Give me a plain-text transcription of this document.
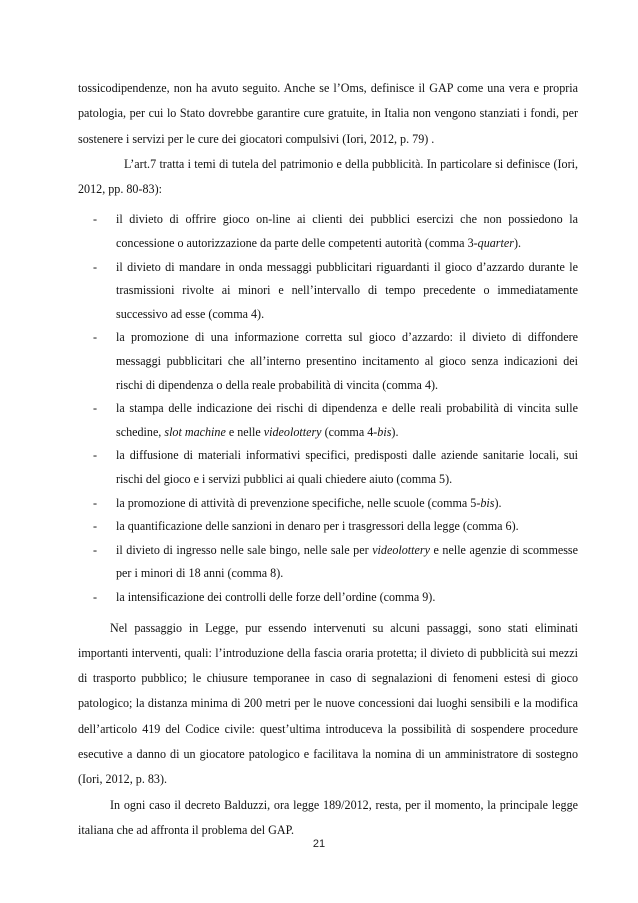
tossicodipendenze, non ha avuto seguito. Anche se l’Oms, definisce il GAP come una vera e propria patologia, per cui lo Stato dovrebbe garantire cure gratuite, in Italia non vengono stanziati i fondi, per sostenere i servizi per le cure dei giocatori compulsivi (Iori, 2012, p. 79) .

L’art.7 tratta i temi di tutela del patrimonio e della pubblicità. In particolare si definisce (Iori, 2012, pp. 80-83):

- il divieto di offrire gioco on-line ai clienti dei pubblici esercizi che non possiedono la concessione o autorizzazione da parte delle competenti autorità (comma 3-quarter).
- il divieto di mandare in onda messaggi pubblicitari riguardanti il gioco d’azzardo durante le trasmissioni rivolte ai minori e nell’intervallo di tempo precedente o immediatamente successivo ad esse (comma 4).
- la promozione di una informazione corretta sul gioco d’azzardo: il divieto di diffondere messaggi pubblicitari che all’interno presentino incitamento al gioco senza indicazioni dei rischi di dipendenza o della reale probabilità di vincita (comma 4).
- la stampa delle indicazione dei rischi di dipendenza e delle reali probabilità di vincita sulle schedine, slot machine e nelle videolottery (comma 4-bis).
- la diffusione di materiali informativi specifici, predisposti dalle aziende sanitarie locali, sui rischi del gioco e i servizi pubblici ai quali chiedere aiuto (comma 5).
- la promozione di attività di prevenzione specifiche, nelle scuole (comma 5-bis).
- la quantificazione delle sanzioni in denaro per i trasgressori della legge (comma 6).
- il divieto di ingresso nelle sale bingo, nelle sale per videolottery e nelle agenzie di scommesse per i minori di 18 anni (comma 8).
- la intensificazione dei controlli delle forze dell’ordine (comma 9).

Nel passaggio in Legge, pur essendo intervenuti su alcuni passaggi, sono stati eliminati importanti interventi, quali: l’introduzione della fascia oraria protetta; il divieto di pubblicità sui mezzi di trasporto pubblico; le chiusure temporanee in caso di segnalazioni di fenomeni estesi di gioco patologico; la distanza minima di 200 metri per le nuove concessioni dai luoghi sensibili e la modifica dell’articolo 419 del Codice civile: quest’ultima introduceva la possibilità di sospendere procedure esecutive a danno di un giocatore patologico e facilitava la nomina di un amministratore di sostegno (Iori, 2012, p. 83).

In ogni caso il decreto Balduzzi, ora legge 189/2012, resta, per il momento, la principale legge italiana che ad affronta il problema del GAP.

21
